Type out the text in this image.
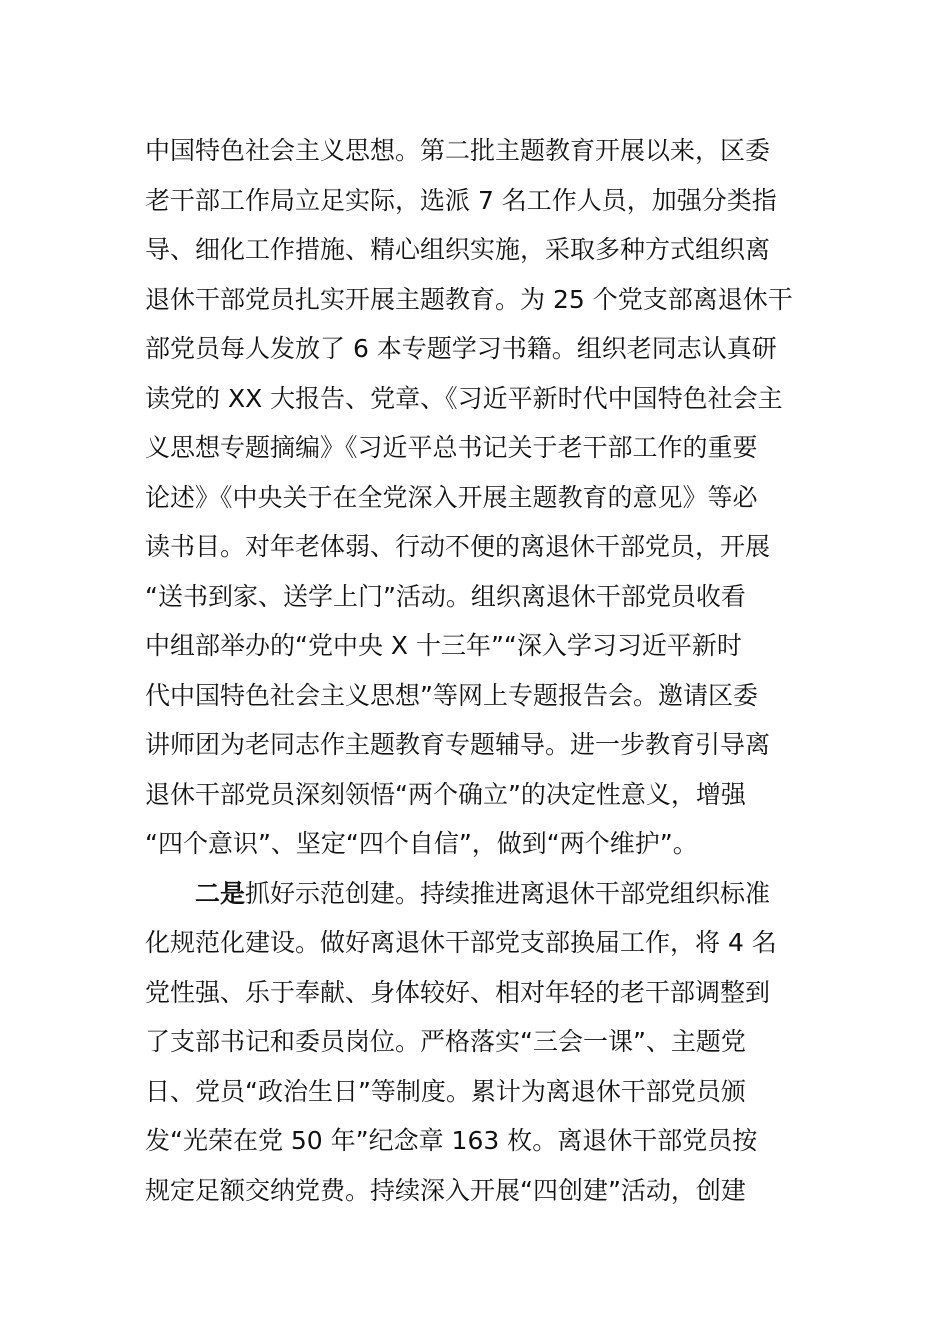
中国特色社会主义思想。第二批主题教育开展以来，区委
老干部工作局立足实际，选派 7 名工作人员，加强分类指
导、细化工作措施、精心组织实施，采取多种方式组织离
退休干部党员扎实开展主题教育。为 25 个党支部离退休干
部党员每人发放了 6 本专题学习书籍。组织老同志认真研
读党的 XX 大报告、党章、《习近平新时代中国特色社会主
义思想专题摘编》《习近平总书记关于老干部工作的重要
论述》《中央关于在全党深入开展主题教育的意见》等必
读书目。对年老体弱、行动不便的离退休干部党员，开展
“送书到家、送学上门”活动。组织离退休干部党员收看
中组部举办的“党中央 X 十三年”“深入学习习近平新时
代中国特色社会主义思想”等网上专题报告会。邀请区委
讲师团为老同志作主题教育专题辅导。进一步教育引导离
退休干部党员深刻领悟“两个确立”的决定性意义，增强
“四个意识”、坚定“四个自信”，做到“两个维护”。
二是抓好示范创建。持续推进离退休干部党组织标准
化规范化建设。做好离退休干部党支部换届工作，将 4 名
党性强、乐于奉献、身体较好、相对年轻的老干部调整到
了支部书记和委员岗位。严格落实“三会一课”、主题党
日、党员“政治生日”等制度。累计为离退休干部党员颁
发“光荣在党 50 年”纪念章 163 枚。离退休干部党员按
规定足额交纳党费。持续深入开展“四创建”活动，创建
